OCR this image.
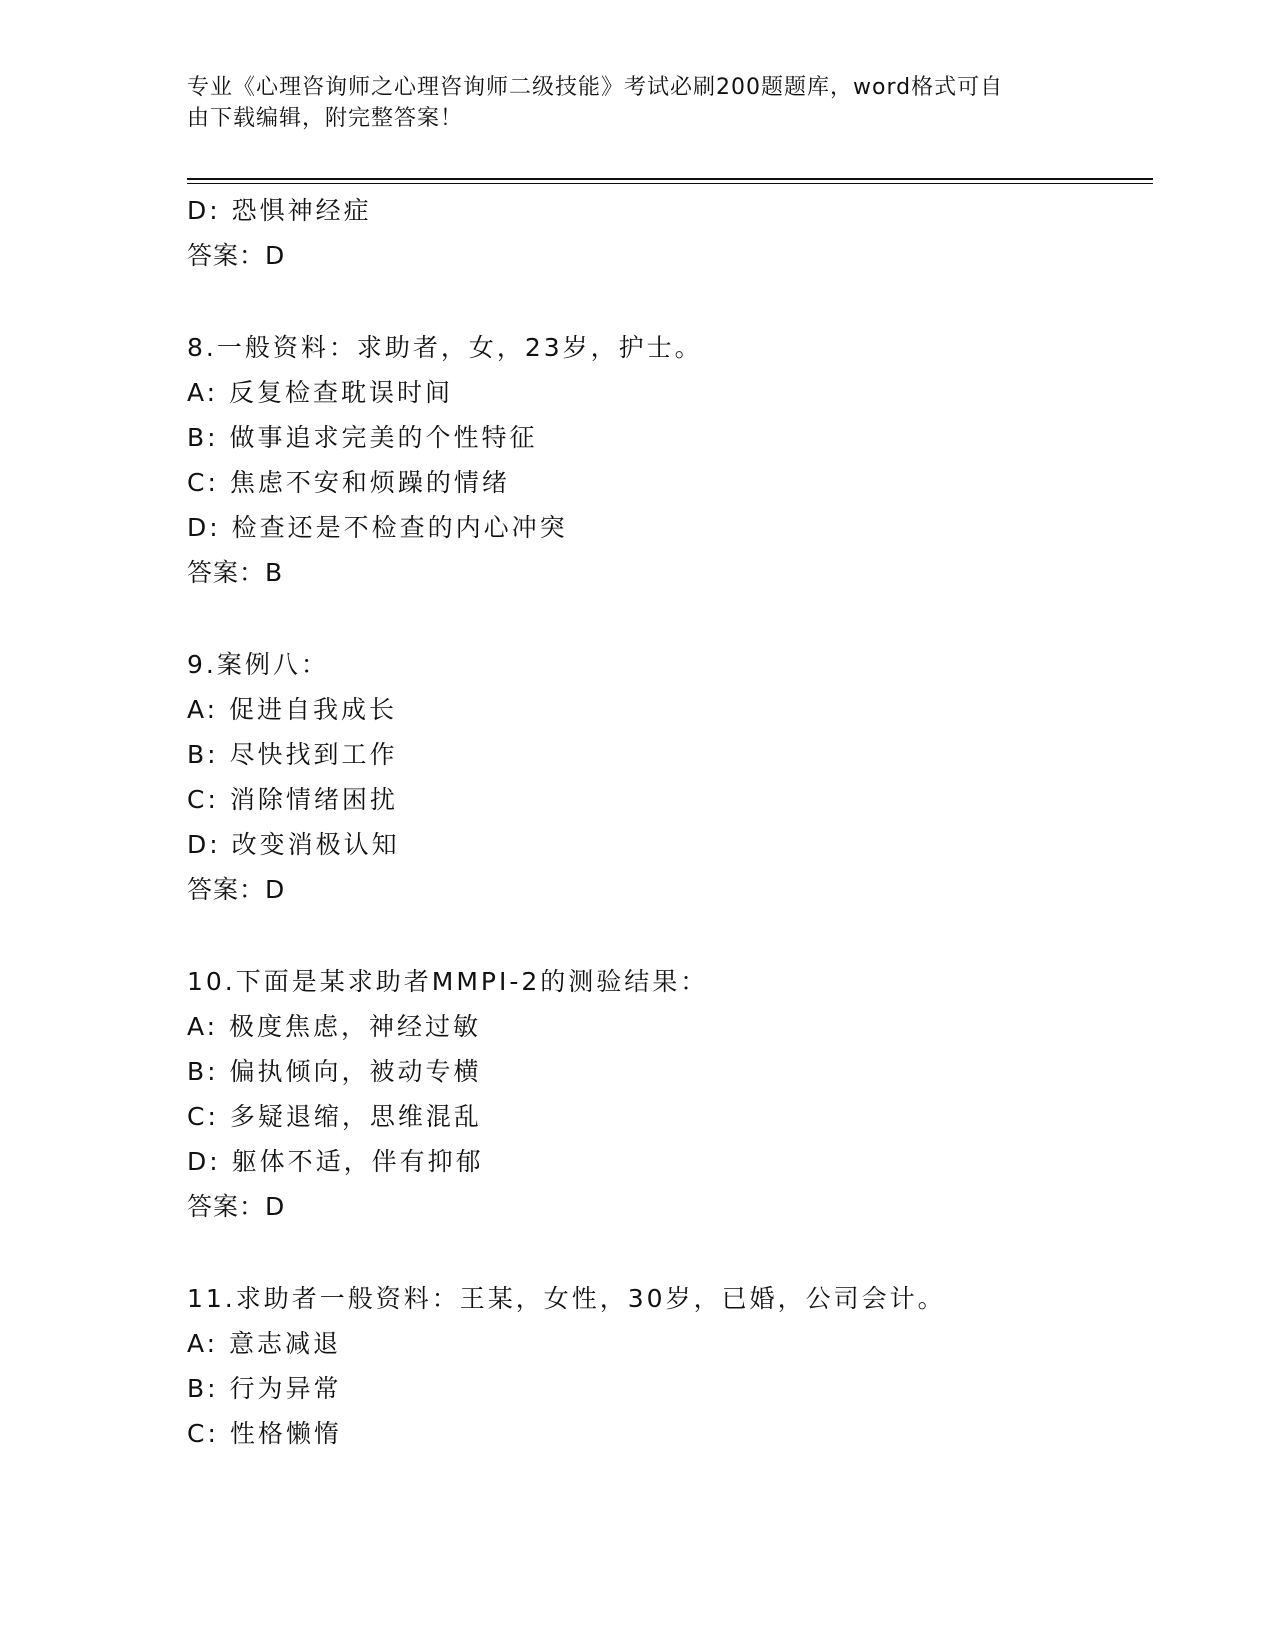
专业《心理咨询师之心理咨询师二级技能》考试必刷200题题库，word格式可自
由下载编辑，附完整答案！
D: 恐惧神经症
答案：D
8.一般资料：求助者，女，23岁，护士。
A: 反复检查耽误时间
B: 做事追求完美的个性特征
C: 焦虑不安和烦躁的情绪
D: 检查还是不检查的内心冲突
答案：B
9.案例八：
A: 促进自我成长
B: 尽快找到工作
C: 消除情绪困扰
D: 改变消极认知
答案：D
10.下面是某求助者MMPI-2的测验结果：
A: 极度焦虑，神经过敏
B: 偏执倾向，被动专横
C: 多疑退缩，思维混乱
D: 躯体不适，伴有抑郁
答案：D
11.求助者一般资料：王某，女性，30岁，已婚，公司会计。
A: 意志减退
B: 行为异常
C: 性格懒惰
